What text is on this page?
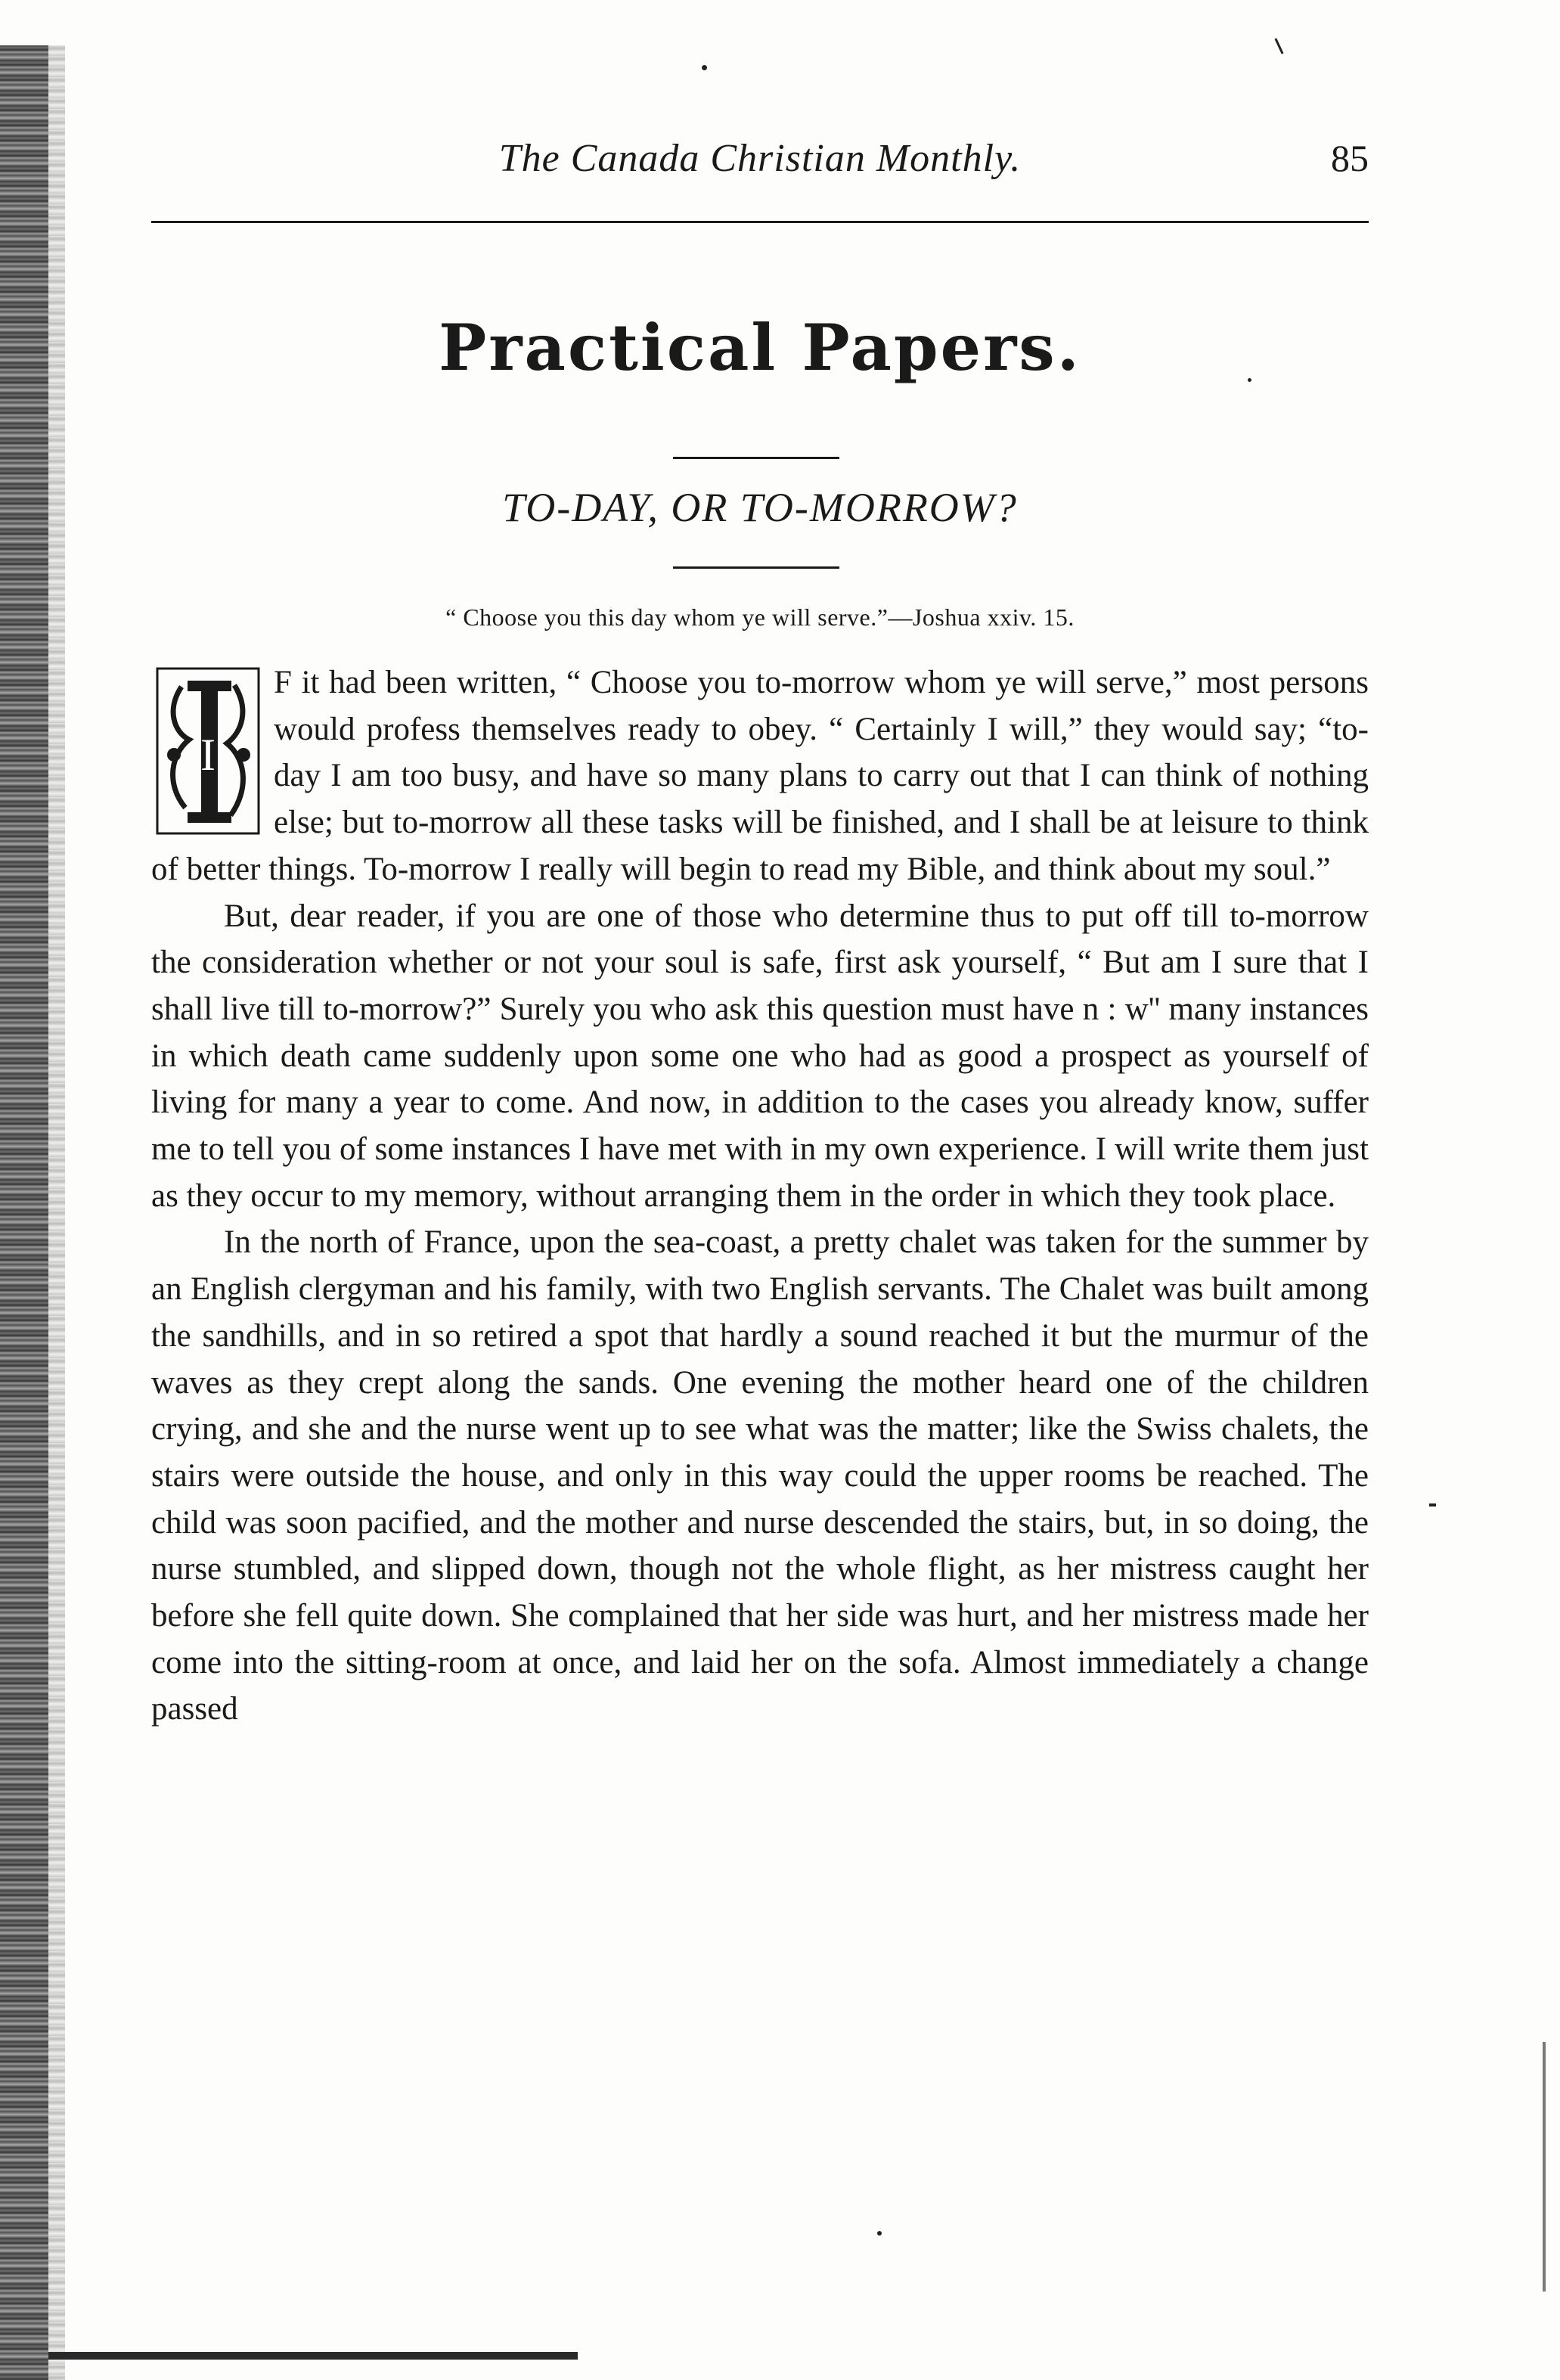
The Canada Christian Monthly.	85
Practical Papers.
TO-DAY, OR TO-MORROW?
“ Choose you this day whom ye will serve.”—Joshua xxiv. 15.

I
F it had been written, “ Choose you to-morrow whom ye will serve,” most persons would profess themselves ready to obey. “ Certainly I will,” they would say; “to-day I am too busy, and have so many plans to carry out that I can think of nothing else; but to-morrow all these tasks will be finished, and I shall be at leisure to think of better things. To-morrow I really will begin to read my Bible, and think about my soul.”

But, dear reader, if you are one of those who determine thus to put off till to-morrow the consideration whether or not your soul is safe, first ask yourself, “ But am I sure that I shall live till to-morrow?” Surely you who ask this question must have n : w'' many instances in which death came suddenly upon some one who had as good a prospect as yourself of living for many a year to come. And now, in addition to the cases you already know, suffer me to tell you of some instances I have met with in my own experience. I will write them just as they occur to my memory, without arranging them in the order in which they took place.

In the north of France, upon the sea-coast, a pretty chalet was taken for the summer by an English clergyman and his family, with two English servants. The Chalet was built among the sandhills, and in so retired a spot that hardly a sound reached it but the murmur of the waves as they crept along the sands. One evening the mother heard one of the children crying, and she and the nurse went up to see what was the matter; like the Swiss chalets, the stairs were outside the house, and only in this way could the upper rooms be reached. The child was soon pacified, and the mother and nurse descended the stairs, but, in so doing, the nurse stumbled, and slipped down, though not the whole flight, as her mistress caught her before she fell quite down. She complained that her side was hurt, and her mistress made her come into the sitting-room at once, and laid her on the sofa. Almost immediately a change passed
